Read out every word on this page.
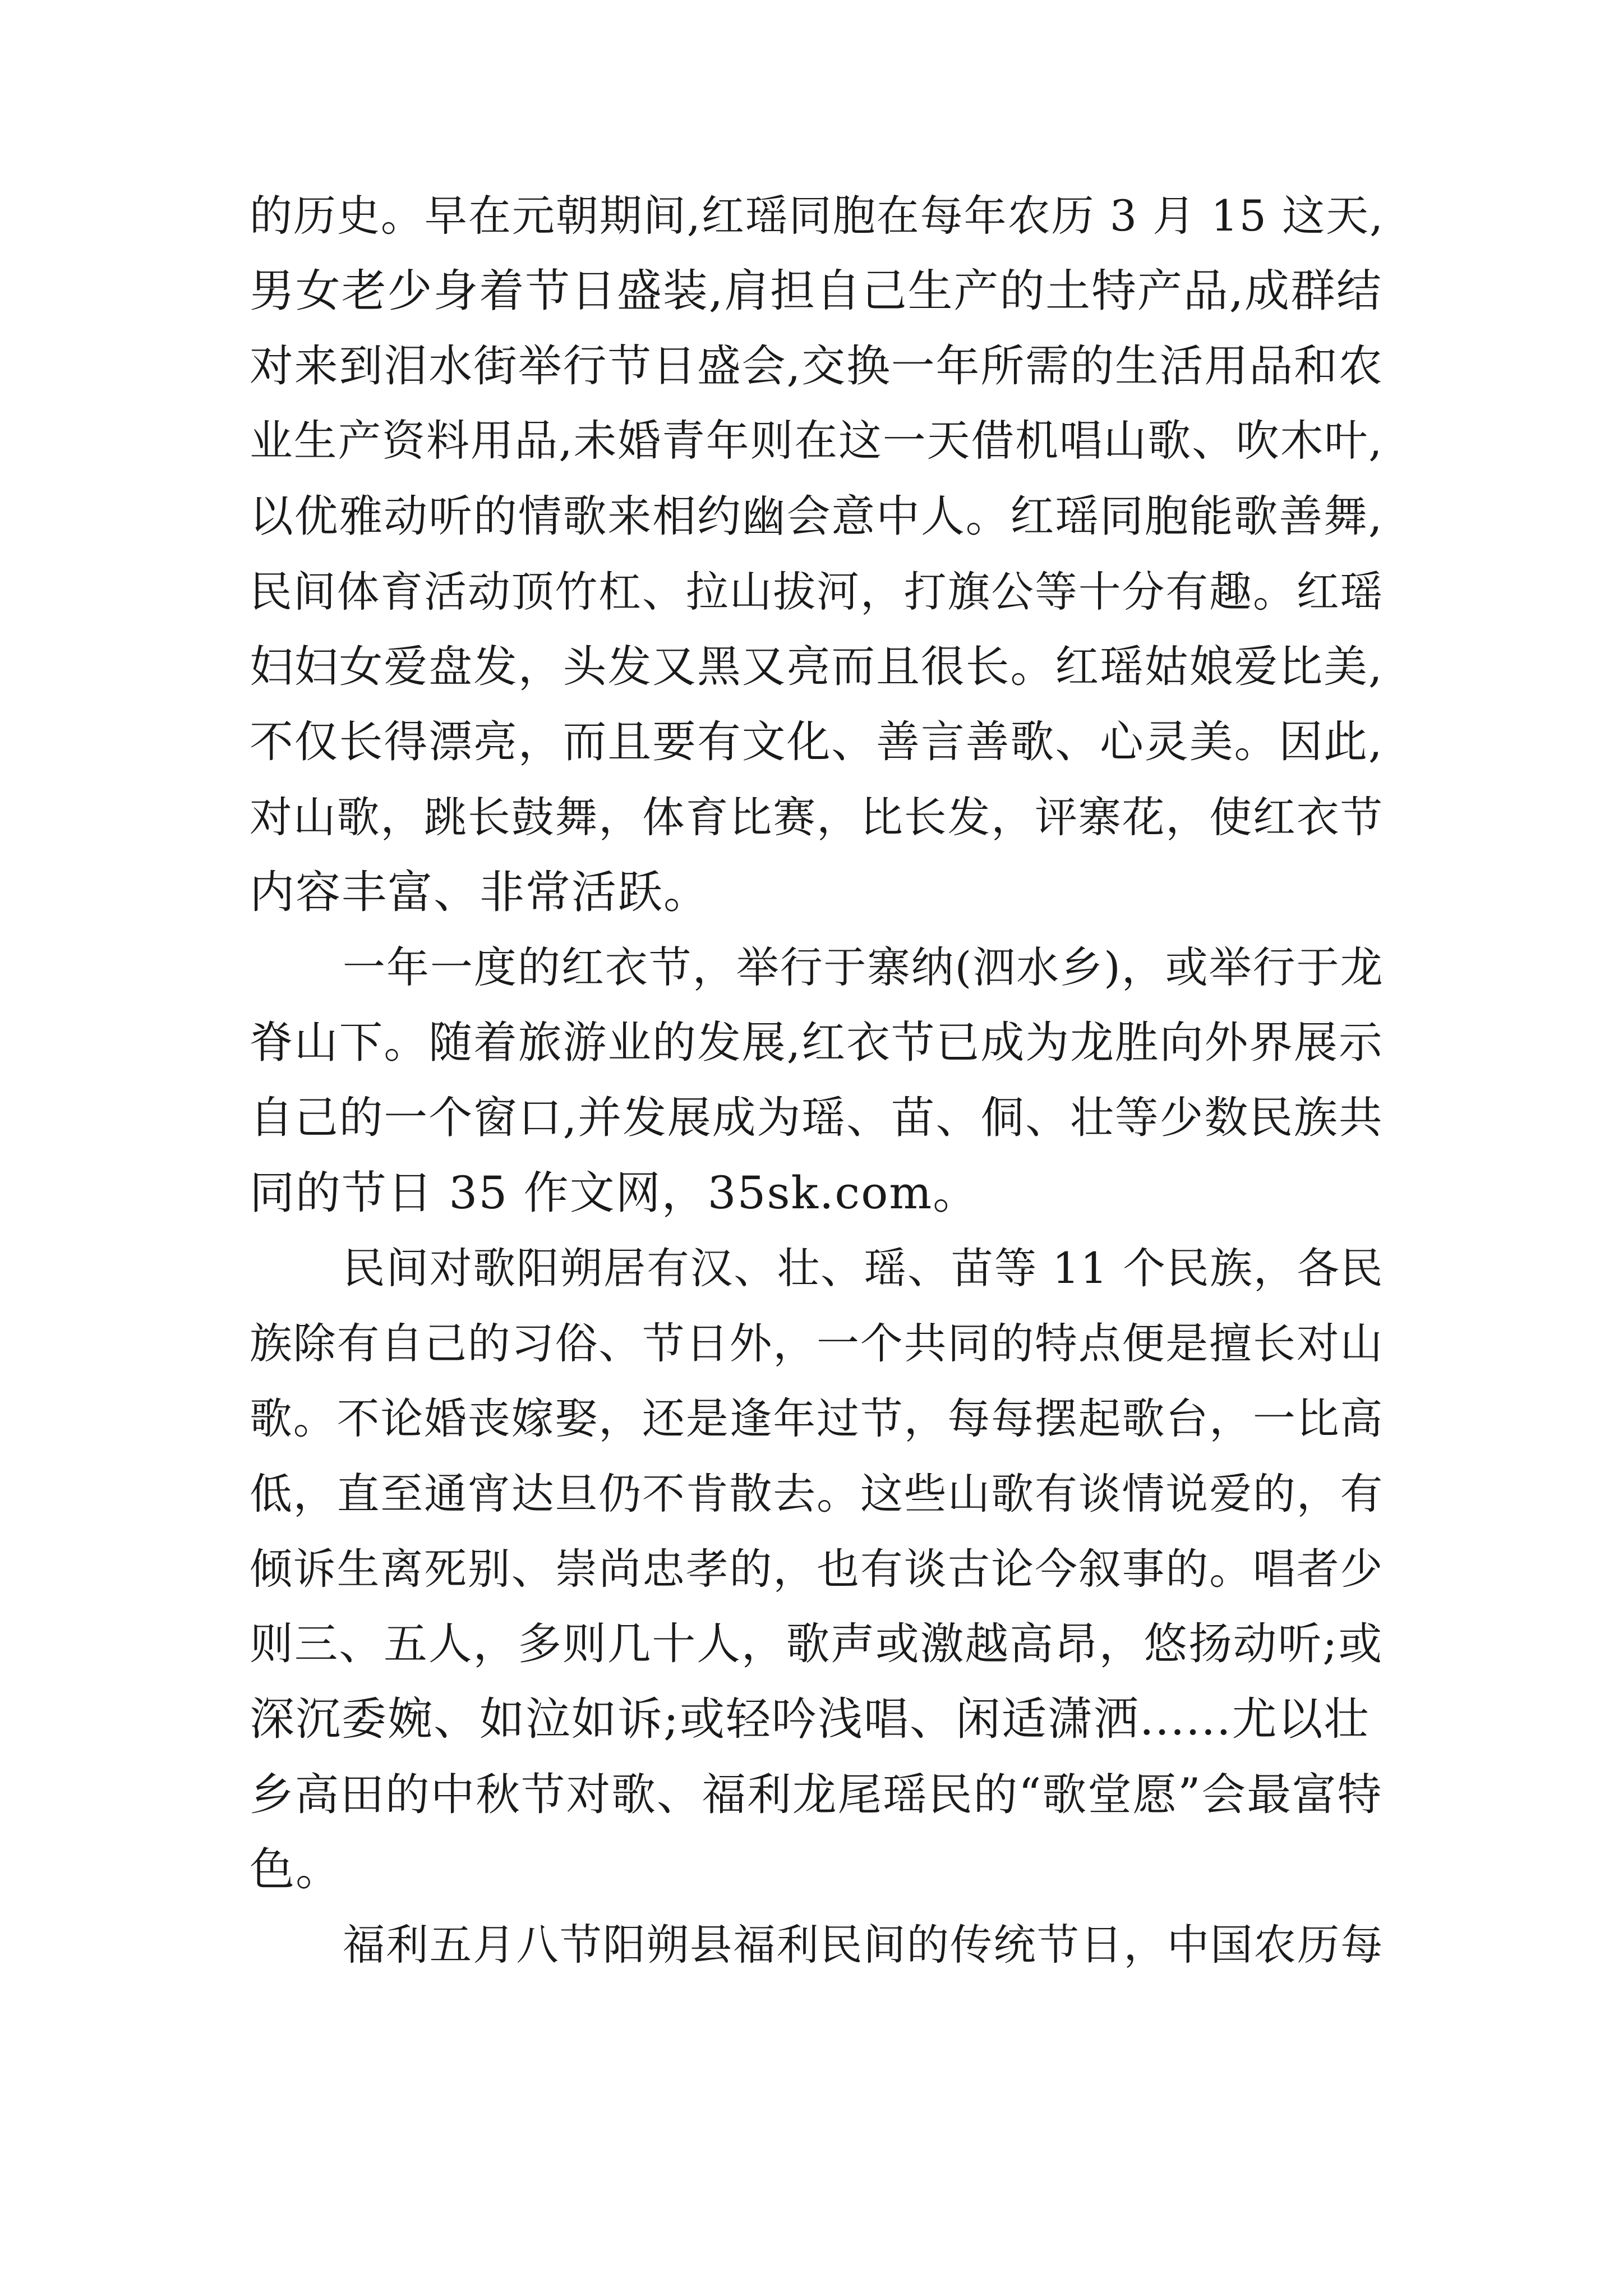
的历史。早在元朝期间,红瑶同胞在每年农历 3 月 15 这天,
男女老少身着节日盛装,肩担自己生产的土特产品,成群结
对来到泪水街举行节日盛会,交换一年所需的生活用品和农
业生产资料用品,未婚青年则在这一天借机唱山歌、吹木叶,
以优雅动听的情歌来相约幽会意中人。红瑶同胞能歌善舞,
民间体育活动顶竹杠、拉山拔河，打旗公等十分有趣。红瑶
妇妇女爱盘发，头发又黑又亮而且很长。红瑶姑娘爱比美,
不仅长得漂亮，而且要有文化、善言善歌、心灵美。因此,
对山歌，跳长鼓舞，体育比赛，比长发，评寨花，使红衣节
内容丰富、非常活跃。
一年一度的红衣节，举行于寨纳(泗水乡)，或举行于龙
脊山下。随着旅游业的发展,红衣节已成为龙胜向外界展示
自己的一个窗口,并发展成为瑶、苗、侗、壮等少数民族共
同的节日 35 作文网，35sk.com。
民间对歌阳朔居有汉、壮、瑶、苗等 11 个民族，各民
族除有自己的习俗、节日外，一个共同的特点便是擅长对山
歌。不论婚丧嫁娶，还是逢年过节，每每摆起歌台，一比高
低，直至通宵达旦仍不肯散去。这些山歌有谈情说爱的，有
倾诉生离死别、崇尚忠孝的，也有谈古论今叙事的。唱者少
则三、五人，多则几十人，歌声或激越高昂，悠扬动听;或
深沉委婉、如泣如诉;或轻吟浅唱、闲适潇洒......尤以壮
乡高田的中秋节对歌、福利龙尾瑶民的“歌堂愿”会最富特
色。
福利五月八节阳朔县福利民间的传统节日，中国农历每
